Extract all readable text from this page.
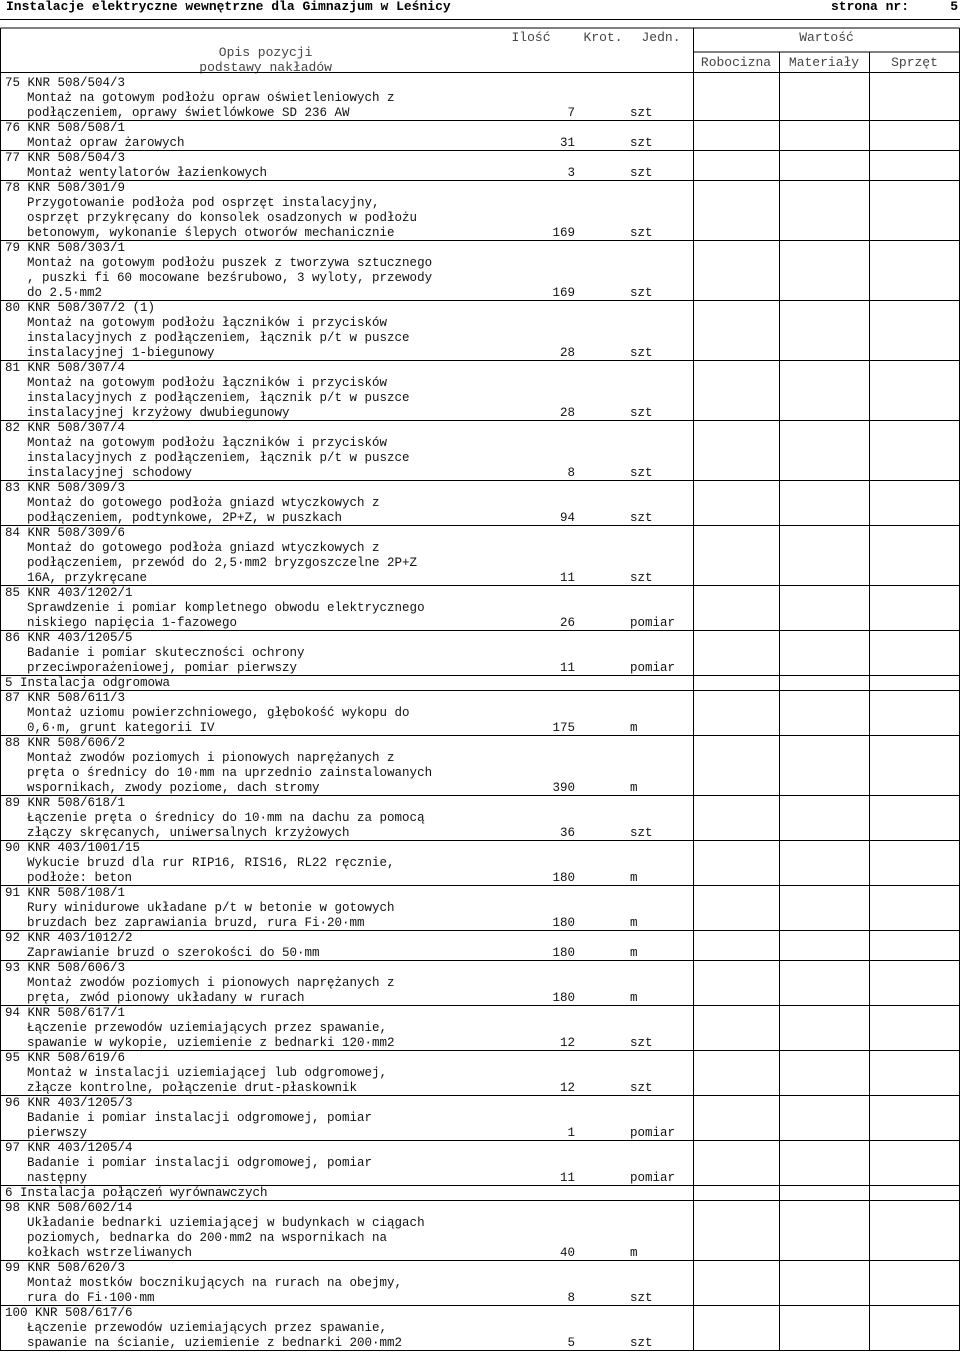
Instalacje elektryczne wewnętrzne dla Gimnazjum w Leśnicy

	strona nr:

	5

Opis pozycji

podstawy nakładów

Ilość	Krot.	Jedn.	Wartość
Robocizna	Materiały	Sprzęt
75 KNR 508/504/3
Montaż na gotowym podłożu opraw oświetleniowych z
podłączeniem, oprawy świetlówkowe SD 236 AW	7	szt
76 KNR 508/508/1
Montaż opraw żarowych	31	szt
77 KNR 508/504/3
Montaż wentylatorów łazienkowych	3	szt
78 KNR 508/301/9
Przygotowanie podłoża pod osprzęt instalacyjny,
osprzęt przykręcany do konsolek osadzonych w podłożu
betonowym, wykonanie ślepych otworów mechanicznie	169	szt
79 KNR 508/303/1
Montaż na gotowym podłożu puszek z tworzywa sztucznego
, puszki fi 60 mocowane bezśrubowo, 3 wyloty, przewody
do 2.5·mm2	169	szt
80 KNR 508/307/2 (1)
Montaż na gotowym podłożu łączników i przycisków
instalacyjnych z podłączeniem, łącznik p/t w puszce
instalacyjnej 1-biegunowy	28	szt
81 KNR 508/307/4
Montaż na gotowym podłożu łączników i przycisków
instalacyjnych z podłączeniem, łącznik p/t w puszce
instalacyjnej krzyżowy dwubiegunowy	28	szt
82 KNR 508/307/4
Montaż na gotowym podłożu łączników i przycisków
instalacyjnych z podłączeniem, łącznik p/t w puszce
instalacyjnej schodowy	8	szt
83 KNR 508/309/3
Montaż do gotowego podłoża gniazd wtyczkowych z
podłączeniem, podtynkowe, 2P+Z, w puszkach	94	szt
84 KNR 508/309/6
Montaż do gotowego podłoża gniazd wtyczkowych z
podłączeniem, przewód do 2,5·mm2 bryzgoszczelne 2P+Z
16A, przykręcane	11	szt
85 KNR 403/1202/1
Sprawdzenie i pomiar kompletnego obwodu elektrycznego
niskiego napięcia 1-fazowego	26	pomiar
86 KNR 403/1205/5
Badanie i pomiar skuteczności ochrony
przeciwporażeniowej, pomiar pierwszy	11	pomiar
5 Instalacja odgromowa
87 KNR 508/611/3
Montaż uziomu powierzchniowego, głębokość wykopu do
0,6·m, grunt kategorii IV	175	m
88 KNR 508/606/2
Montaż zwodów poziomych i pionowych naprężanych z
pręta o średnicy do 10·mm na uprzednio zainstalowanych
wspornikach, zwody poziome, dach stromy	390	m
89 KNR 508/618/1
Łączenie pręta o średnicy do 10·mm na dachu za pomocą
złączy skręcanych, uniwersalnych krzyżowych	36	szt
90 KNR 403/1001/15
Wykucie bruzd dla rur RIP16, RIS16, RL22 ręcznie,
podłoże: beton	180	m
91 KNR 508/108/1
Rury winidurowe układane p/t w betonie w gotowych
bruzdach bez zaprawiania bruzd, rura Fi·20·mm	180	m
92 KNR 403/1012/2
Zaprawianie bruzd o szerokości do 50·mm	180	m
93 KNR 508/606/3
Montaż zwodów poziomych i pionowych naprężanych z
pręta, zwód pionowy układany w rurach	180	m
94 KNR 508/617/1
Łączenie przewodów uziemiających przez spawanie,
spawanie w wykopie, uziemienie z bednarki 120·mm2	12	szt
95 KNR 508/619/6
Montaż w instalacji uziemiającej lub odgromowej,
złącze kontrolne, połączenie drut-płaskownik	12	szt
96 KNR 403/1205/3
Badanie i pomiar instalacji odgromowej, pomiar
pierwszy	1	pomiar
97 KNR 403/1205/4
Badanie i pomiar instalacji odgromowej, pomiar
następny	11	pomiar
6 Instalacja połączeń wyrównawczych
98 KNR 508/602/14
Układanie bednarki uziemiającej w budynkach w ciągach
poziomych, bednarka do 200·mm2 na wspornikach na
kołkach wstrzeliwanych	40	m
99 KNR 508/620/3
Montaż mostków bocznikujących na rurach na obejmy,
rura do Fi·100·mm	8	szt
100 KNR 508/617/6
Łączenie przewodów uziemiających przez spawanie,
spawanie na ścianie, uziemienie z bednarki 200·mm2	5	szt
